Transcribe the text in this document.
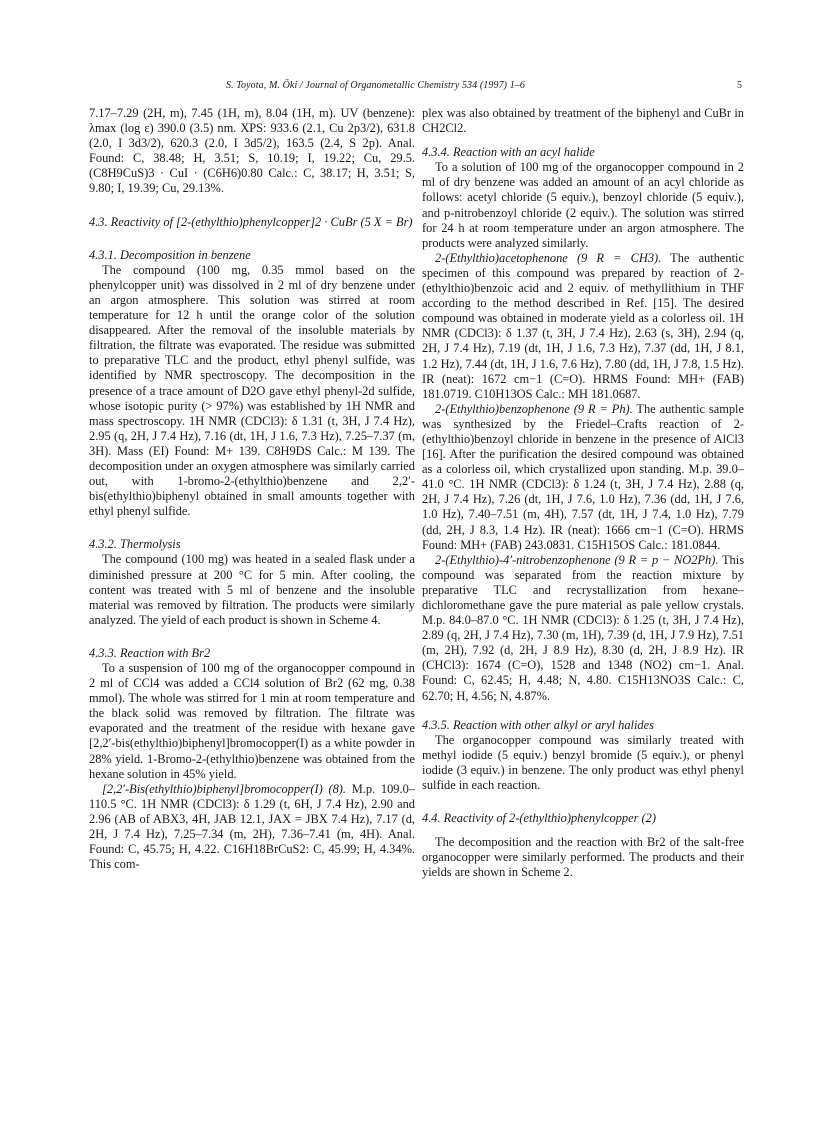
S. Toyota, M. Ōki / Journal of Organometallic Chemistry 534 (1997) 1–6	5

7.17–7.29 (2H, m), 7.45 (1H, m), 8.04 (1H, m). UV (benzene): λmax (log ε) 390.0 (3.5) nm. XPS: 933.6 (2.1, Cu 2p3/2), 631.8 (2.0, I 3d3/2), 620.3 (2.0, I 3d5/2), 163.5 (2.4, S 2p). Anal. Found: C, 38.48; H, 3.51; S, 10.19; I, 19.22; Cu, 29.5. (C8H9CuS)3 · CuI · (C6H6)0.80 Calc.: C, 38.17; H, 3.51; S, 9.80; I, 19.39; Cu, 29.13%.

4.3. Reactivity of [2-(ethylthio)phenylcopper]2 · CuBr (5 X = Br)
4.3.1. Decomposition in benzene

The compound (100 mg, 0.35 mmol based on the phenylcopper unit) was dissolved in 2 ml of dry benzene under an argon atmosphere. This solution was stirred at room temperature for 12 h until the orange color of the solution disappeared. After the removal of the insoluble materials by filtration, the filtrate was evaporated. The residue was submitted to preparative TLC and the product, ethyl phenyl sulfide, was identified by NMR spectroscopy. The decomposition in the presence of a trace amount of D2O gave ethyl phenyl-2d sulfide, whose isotopic purity (> 97%) was established by 1H NMR and mass spectroscopy. 1H NMR (CDCl3): δ 1.31 (t, 3H, J 7.4 Hz), 2.95 (q, 2H, J 7.4 Hz), 7.16 (dt, 1H, J 1.6, 7.3 Hz), 7.25–7.37 (m, 3H). Mass (EI) Found: M+ 139. C8H9DS Calc.: M 139. The decomposition under an oxygen atmosphere was similarly carried out, with 1-bromo-2-(ethylthio)benzene and 2,2′-bis(ethylthio)biphenyl obtained in small amounts together with ethyl phenyl sulfide.

4.3.2. Thermolysis

The compound (100 mg) was heated in a sealed flask under a diminished pressure at 200 °C for 5 min. After cooling, the content was treated with 5 ml of benzene and the insoluble material was removed by filtration. The products were similarly analyzed. The yield of each product is shown in Scheme 4.

4.3.3. Reaction with Br2

To a suspension of 100 mg of the organocopper compound in 2 ml of CCl4 was added a CCl4 solution of Br2 (62 mg, 0.38 mmol). The whole was stirred for 1 min at room temperature and the black solid was removed by filtration. The filtrate was evaporated and the treatment of the residue with hexane gave [2,2′-bis(ethylthio)biphenyl]bromocopper(I) as a white powder in 28% yield. 1-Bromo-2-(ethylthio)benzene was obtained from the hexane solution in 45% yield.

[2,2′-Bis(ethylthio)biphenyl]bromocopper(I) (8). M.p. 109.0–110.5 °C. 1H NMR (CDCl3): δ 1.29 (t, 6H, J 7.4 Hz), 2.90 and 2.96 (AB of ABX3, 4H, JAB 12.1, JAX = JBX 7.4 Hz), 7.17 (d, 2H, J 7.4 Hz), 7.25–7.34 (m, 2H), 7.36–7.41 (m, 4H). Anal. Found: C, 45.75; H, 4.22. C16H18BrCuS2: C, 45.99; H, 4.34%. This com-

plex was also obtained by treatment of the biphenyl and CuBr in CH2Cl2.

4.3.4. Reaction with an acyl halide

To a solution of 100 mg of the organocopper compound in 2 ml of dry benzene was added an amount of an acyl chloride as follows: acetyl chloride (5 equiv.), benzoyl chloride (5 equiv.), and p-nitrobenzoyl chloride (2 equiv.). The solution was stirred for 24 h at room temperature under an argon atmosphere. The products were analyzed similarly.

2-(Ethylthio)acetophenone (9 R = CH3). The authentic specimen of this compound was prepared by reaction of 2-(ethylthio)benzoic acid and 2 equiv. of methyllithium in THF according to the method described in Ref. [15]. The desired compound was obtained in moderate yield as a colorless oil. 1H NMR (CDCl3): δ 1.37 (t, 3H, J 7.4 Hz), 2.63 (s, 3H), 2.94 (q, 2H, J 7.4 Hz), 7.19 (dt, 1H, J 1.6, 7.3 Hz), 7.37 (dd, 1H, J 8.1, 1.2 Hz), 7.44 (dt, 1H, J 1.6, 7.6 Hz), 7.80 (dd, 1H, J 7.8, 1.5 Hz). IR (neat): 1672 cm−1 (C=O). HRMS Found: MH+ (FAB) 181.0719. C10H13OS Calc.: MH 181.0687.

2-(Ethylthio)benzophenone (9 R = Ph). The authentic sample was synthesized by the Friedel–Crafts reaction of 2-(ethylthio)benzoyl chloride in benzene in the presence of AlCl3 [16]. After the purification the desired compound was obtained as a colorless oil, which crystallized upon standing. M.p. 39.0–41.0 °C. 1H NMR (CDCl3): δ 1.24 (t, 3H, J 7.4 Hz), 2.88 (q, 2H, J 7.4 Hz), 7.26 (dt, 1H, J 7.6, 1.0 Hz), 7.36 (dd, 1H, J 7.6, 1.0 Hz), 7.40–7.51 (m, 4H), 7.57 (dt, 1H, J 7.4, 1.0 Hz), 7.79 (dd, 2H, J 8.3, 1.4 Hz). IR (neat): 1666 cm−1 (C=O). HRMS Found: MH+ (FAB) 243.0831. C15H15OS Calc.: 181.0844.

2-(Ethylthio)-4′-nitrobenzophenone (9 R = p − NO2Ph). This compound was separated from the reaction mixture by preparative TLC and recrystallization from hexane–dichloromethane gave the pure material as pale yellow crystals. M.p. 84.0–87.0 °C. 1H NMR (CDCl3): δ 1.25 (t, 3H, J 7.4 Hz), 2.89 (q, 2H, J 7.4 Hz), 7.30 (m, 1H), 7.39 (d, 1H, J 7.9 Hz), 7.51 (m, 2H), 7.92 (d, 2H, J 8.9 Hz), 8.30 (d, 2H, J 8.9 Hz). IR (CHCl3): 1674 (C=O), 1528 and 1348 (NO2) cm−1. Anal. Found: C, 62.45; H, 4.48; N, 4.80. C15H13NO3S Calc.: C, 62.70; H, 4.56; N, 4.87%.

4.3.5. Reaction with other alkyl or aryl halides

The organocopper compound was similarly treated with methyl iodide (5 equiv.) benzyl bromide (5 equiv.), or phenyl iodide (3 equiv.) in benzene. The only product was ethyl phenyl sulfide in each reaction.

4.4. Reactivity of 2-(ethylthio)phenylcopper (2)

The decomposition and the reaction with Br2 of the salt-free organocopper were similarly performed. The products and their yields are shown in Scheme 2.
